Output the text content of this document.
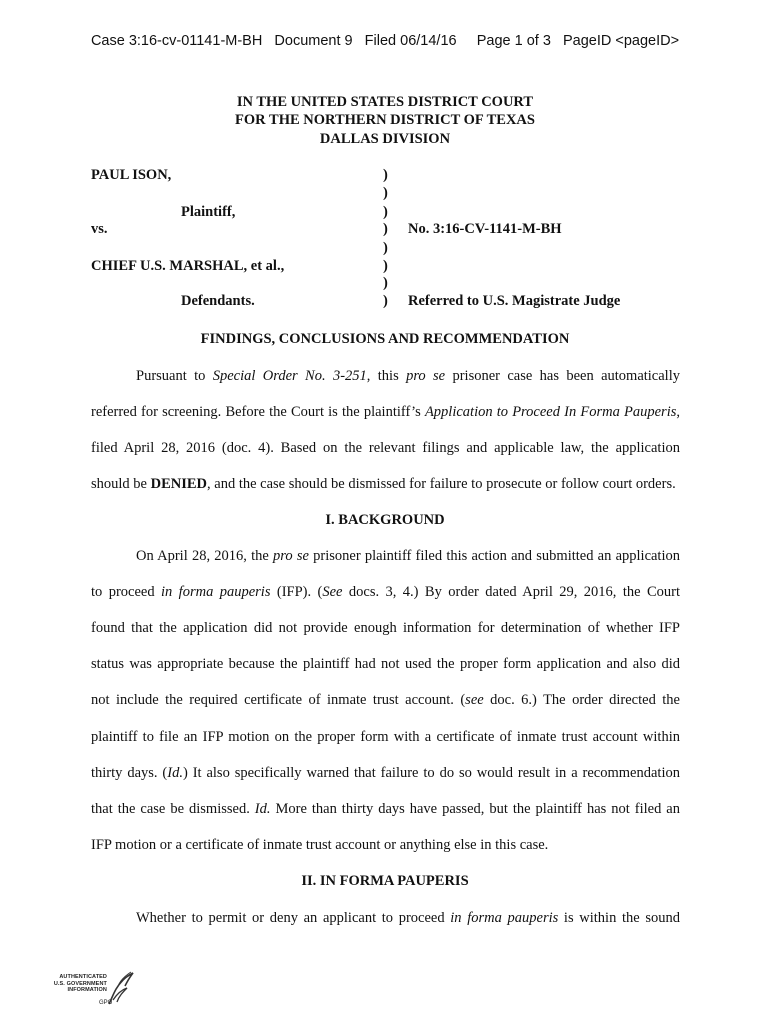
Case 3:16-cv-01141-M-BH   Document 9   Filed 06/14/16     Page 1 of 3   PageID <pageID>
IN THE UNITED STATES DISTRICT COURT
FOR THE NORTHERN DISTRICT OF TEXAS
DALLAS DIVISION
PAUL ISON,
Plaintiff,
vs.
CHIEF U.S. MARSHAL, et al.,
Defendants.
)
)
)
)
)
)
)
)
No. 3:16-CV-1141-M-BH
Referred to U.S. Magistrate Judge
FINDINGS, CONCLUSIONS AND RECOMMENDATION
Pursuant to Special Order No. 3-251, this pro se prisoner case has been automatically
referred for screening. Before the Court is the plaintiff’s Application to Proceed In Forma Pauperis,
filed April 28, 2016 (doc. 4). Based on the relevant filings and applicable law, the application
should be DENIED, and the case should be dismissed for failure to prosecute or follow court orders.
I. BACKGROUND
On April 28, 2016, the pro se prisoner plaintiff filed this action and submitted an application
to proceed in forma pauperis (IFP). (See docs. 3, 4.) By order dated April 29, 2016, the Court
found that the application did not provide enough information for determination of whether IFP
status was appropriate because the plaintiff had not used the proper form application and also did
not include the required certificate of inmate trust account. (see doc. 6.) The order directed the
plaintiff to file an IFP motion on the proper form with a certificate of inmate trust account within
thirty days. (Id.) It also specifically warned that failure to do so would result in a recommendation
that the case be dismissed. Id. More than thirty days have passed, but the plaintiff has not filed an
IFP motion or a certificate of inmate trust account or anything else in this case.
II. IN FORMA PAUPERIS
Whether to permit or deny an applicant to proceed in forma pauperis is within the sound
AUTHENTICATED
U.S. GOVERNMENT
INFORMATION
GPO
